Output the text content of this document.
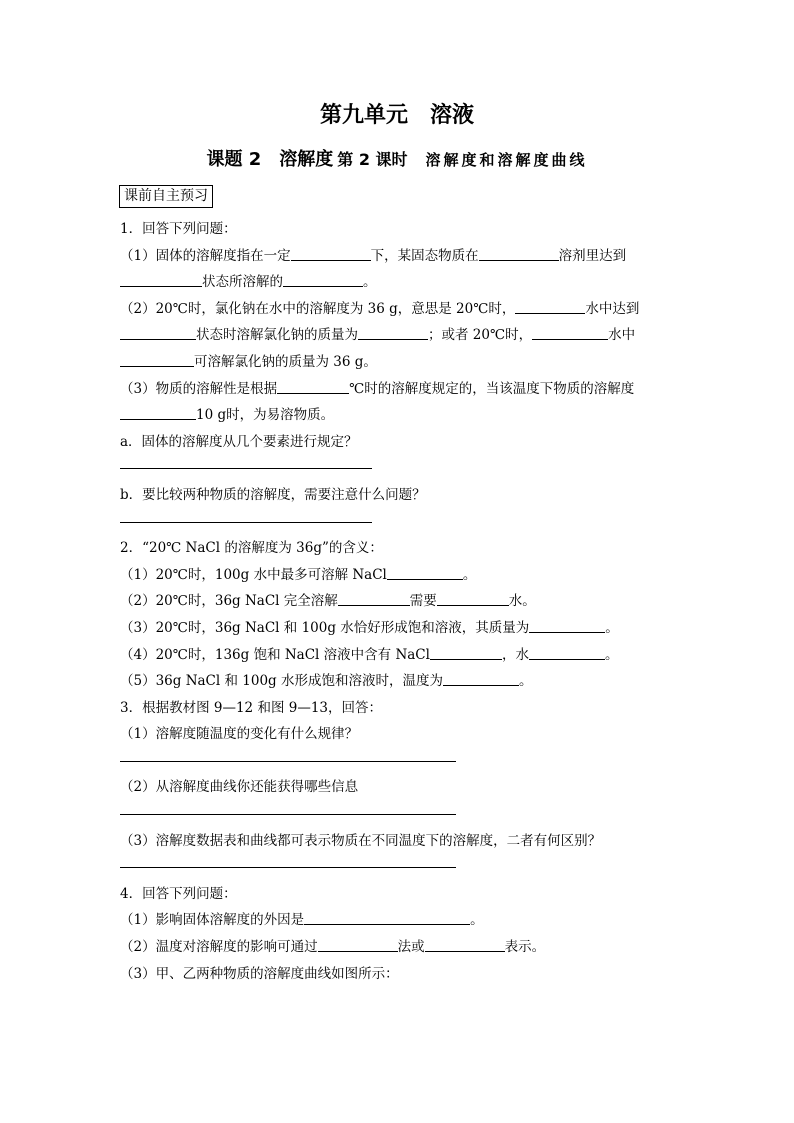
第九单元　溶液
课题 2　溶解度 第 2 课时 溶解度和溶解度曲线
课前自主预习
1．回答下列问题：
（1）固体的溶解度指在一定	下，某固态物质在	溶剂里达到
状态所溶解的	。
（2）20℃时，氯化钠在水中的溶解度为 36 g，意思是 20℃时，	水中达到
状态时溶解氯化钠的质量为	；或者 20℃时，	水中
可溶解氯化钠的质量为 36 g。
（3）物质的溶解性是根据	℃时的溶解度规定的，当该温度下物质的溶解度
10 g时，为易溶物质。
a．固体的溶解度从几个要素进行规定？
b．要比较两种物质的溶解度，需要注意什么问题？
2．“20℃ NaCl 的溶解度为 36g”的含义：
（1）20℃时，100g 水中最多可溶解 NaCl	。
（2）20℃时，36g NaCl 完全溶解	需要	水。
（3）20℃时，36g NaCl 和 100g 水恰好形成饱和溶液，其质量为	。
（4）20℃时，136g 饱和 NaCl 溶液中含有 NaCl	，水	。
（5）36g NaCl 和 100g 水形成饱和溶液时，温度为	。
3．根据教材图 9—12 和图 9—13，回答：
（1）溶解度随温度的变化有什么规律？
（2）从溶解度曲线你还能获得哪些信息
（3）溶解度数据表和曲线都可表示物质在不同温度下的溶解度，二者有何区别？
4．回答下列问题：
（1）影响固体溶解度的外因是	。
（2）温度对溶解度的影响可通过	法或	表示。
（3）甲、乙两种物质的溶解度曲线如图所示：
